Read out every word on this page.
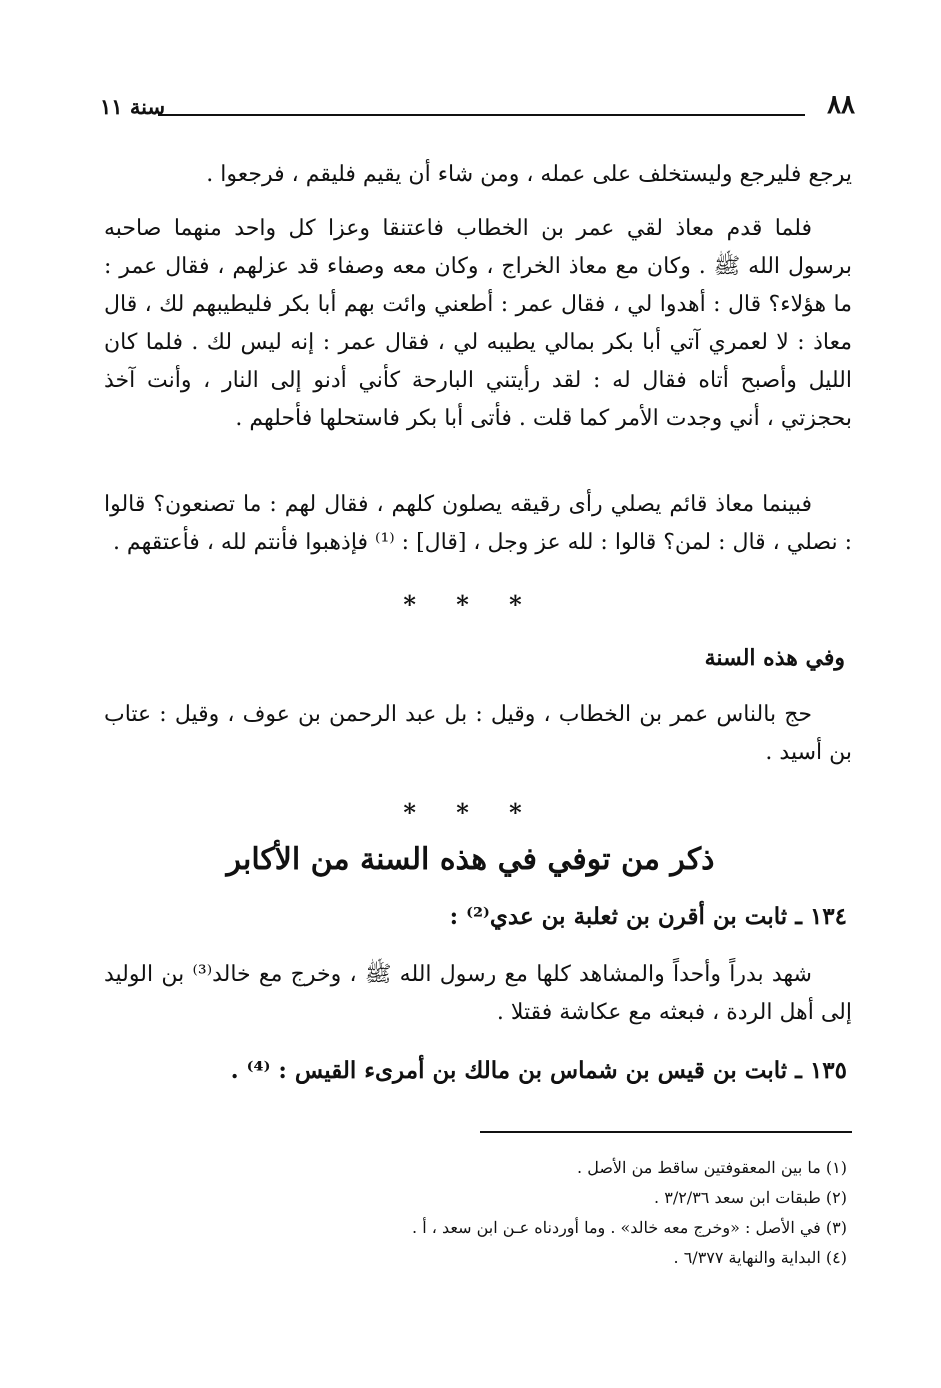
٨٨
سنة ١١

يرجع فليرجع وليستخلف على عمله ، ومن شاء أن يقيم فليقم ، فرجعوا .

فلما قدم معاذ لقي عمر بن الخطاب فاعتنقا وعزا كل واحد منهما صاحبه برسول الله ﷺ . وكان مع معاذ الخراج ، وكان معه وصفاء قد عزلهم ، فقال عمر : ما هؤلاء؟ قال : أهدوا لي ، فقال عمر : أطعني وائت بهم أبا بكر فليطيبهم لك ، قال معاذ : لا لعمري آتي أبا بكر بمالي يطيبه لي ، فقال عمر : إنه ليس لك . فلما كان الليل وأصبح أتاه فقال له : لقد رأيتني البارحة كأني أدنو إلى النار ، وأنت آخذ بحجزتي ، أني وجدت الأمر كما قلت . فأتى أبا بكر فاستحلها فأحلهم .

فبينما معاذ قائم يصلي رأى رقيقه يصلون كلهم ، فقال لهم : ما تصنعون؟ قالوا : نصلي ، قال : لمن؟ قالوا : لله عز وجل ، [قال] : ⁽¹⁾ فإذهبوا فأنتم لله ، فأعتقهم .

* * *
وفي هذه السنة

حج بالناس عمر بن الخطاب ، وقيل : بل عبد الرحمن بن عوف ، وقيل : عتاب بن أسيد .

* * *
ذكر من توفي في هذه السنة من الأكابر
١٣٤ ـ ثابت بن أقرن بن ثعلبة بن عدي⁽²⁾ :

شهد بدراً وأحداً والمشاهد كلها مع رسول الله ﷺ ، وخرج مع خالد⁽³⁾ بن الوليد إلى أهل الردة ، فبعثه مع عكاشة فقتلا .

١٣٥ ـ ثابت بن قيس بن شماس بن مالك بن أمرىء القيس : ⁽⁴⁾ .
(١) ما بين المعقوفتين ساقط من الأصل .
(٢) طبقات ابن سعد ٣/٢/٣٦ .
(٣) في الأصل : «وخرج معه خالد» . وما أوردناه عـن ابن سعد ، أ .
(٤) البداية والنهاية ٦/٣٧٧ .
